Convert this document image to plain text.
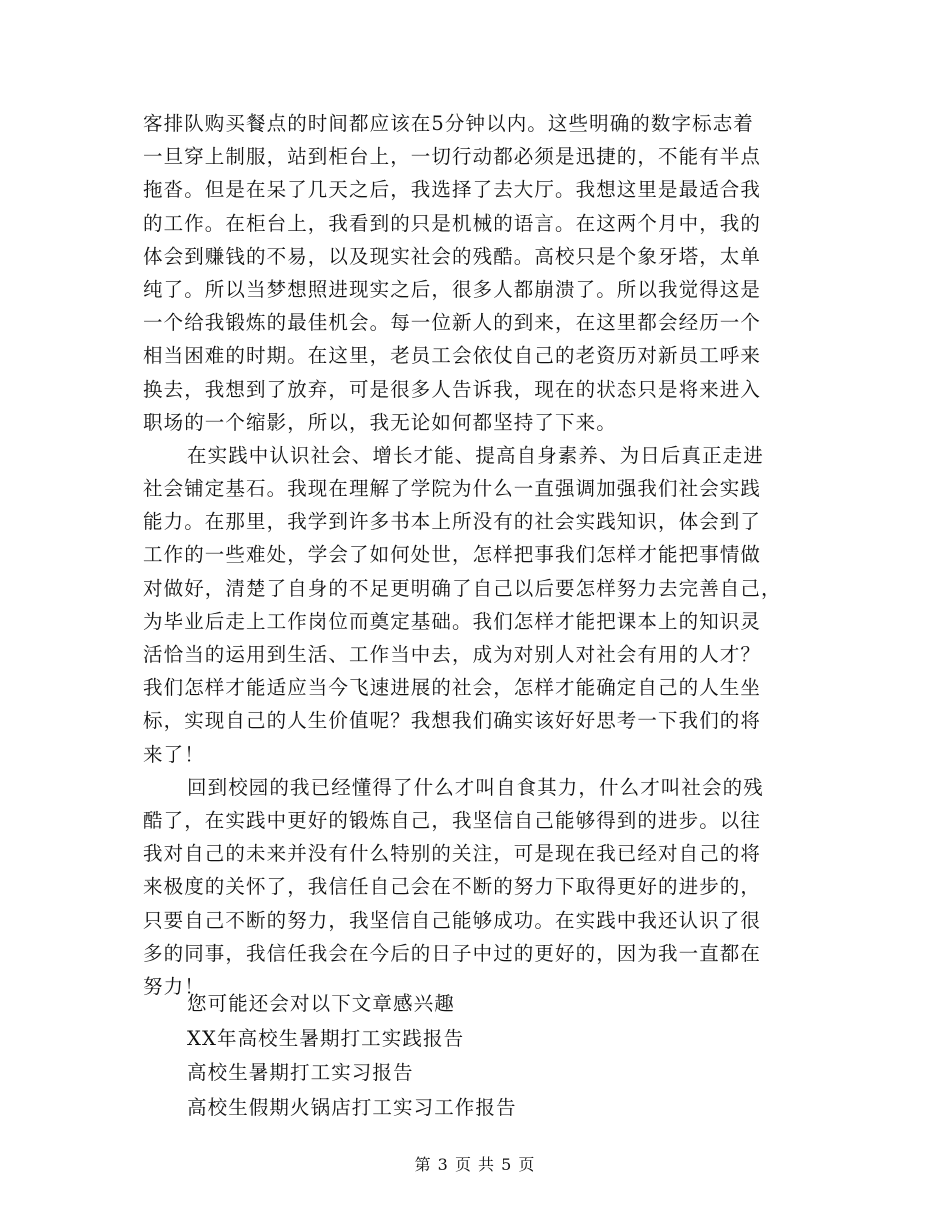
客排队购买餐点的时间都应该在5分钟以内。这些明确的数字标志着
一旦穿上制服，站到柜台上，一切行动都必须是迅捷的，不能有半点
拖沓。但是在呆了几天之后，我选择了去大厅。我想这里是最适合我
的工作。在柜台上，我看到的只是机械的语言。在这两个月中，我的
体会到赚钱的不易，以及现实社会的残酷。高校只是个象牙塔，太单
纯了。所以当梦想照进现实之后，很多人都崩溃了。所以我觉得这是
一个给我锻炼的最佳机会。每一位新人的到来，在这里都会经历一个
相当困难的时期。在这里，老员工会依仗自己的老资历对新员工呼来
换去，我想到了放弃，可是很多人告诉我，现在的状态只是将来进入
职场的一个缩影，所以，我无论如何都坚持了下来。
在实践中认识社会、增长才能、提高自身素养、为日后真正走进
社会铺定基石。我现在理解了学院为什么一直强调加强我们社会实践
能力。在那里，我学到许多书本上所没有的社会实践知识，体会到了
工作的一些难处，学会了如何处世，怎样把事我们怎样才能把事情做
对做好，清楚了自身的不足更明确了自己以后要怎样努力去完善自己，
为毕业后走上工作岗位而奠定基础。我们怎样才能把课本上的知识灵
活恰当的运用到生活、工作当中去，成为对别人对社会有用的人才？
我们怎样才能适应当今飞速进展的社会，怎样才能确定自己的人生坐
标，实现自己的人生价值呢？我想我们确实该好好思考一下我们的将
来了！
回到校园的我已经懂得了什么才叫自食其力，什么才叫社会的残
酷了，在实践中更好的锻炼自己，我坚信自己能够得到的进步。以往
我对自己的未来并没有什么特别的关注，可是现在我已经对自己的将
来极度的关怀了，我信任自己会在不断的努力下取得更好的进步的，
只要自己不断的努力，我坚信自己能够成功。在实践中我还认识了很
多的同事，我信任我会在今后的日子中过的更好的，因为我一直都在
努力！
您可能还会对以下文章感兴趣
XX年高校生暑期打工实践报告
高校生暑期打工实习报告
高校生假期火锅店打工实习工作报告
第 3 页 共 5 页
